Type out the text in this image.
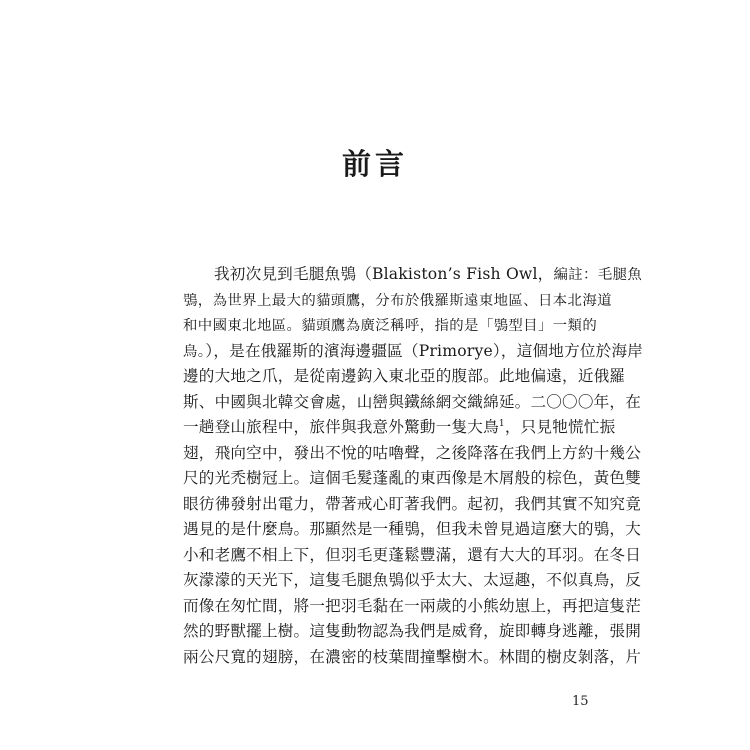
前言
我初次見到毛腿魚鴞（Blakiston’s Fish Owl，編註：毛腿魚
鴞，為世界上最大的貓頭鷹，分布於俄羅斯遠東地區、日本北海道
和中國東北地區。貓頭鷹為廣泛稱呼，指的是「鴞型目」一類的
鳥。），是在俄羅斯的濱海邊疆區（Primorye），這個地方位於海岸
邊的大地之爪，是從南邊鈎入東北亞的腹部。此地偏遠，近俄羅
斯、中國與北韓交會處，山巒與鐵絲網交織綿延。二〇〇〇年，在
一趟登山旅程中，旅伴與我意外驚動一隻大鳥$^1$，只見牠慌忙振
翅，飛向空中，發出不悅的咕嚕聲，之後降落在我們上方約十幾公
尺的光禿樹冠上。這個毛髮蓬亂的東西像是木屑般的棕色，黃色雙
眼彷彿發射出電力，帶著戒心盯著我們。起初，我們其實不知究竟
遇見的是什麼鳥。那顯然是一種鴞，但我未曾見過這麼大的鴞，大
小和老鷹不相上下，但羽毛更蓬鬆豐滿，還有大大的耳羽。在冬日
灰濛濛的天光下，這隻毛腿魚鴞似乎太大、太逗趣，不似真鳥，反
而像在匆忙間，將一把羽毛黏在一兩歲的小熊幼崽上，再把這隻茫
然的野獸擺上樹。這隻動物認為我們是威脅，旋即轉身逃離，張開
兩公尺寬的翅膀，在濃密的枝葉間撞擊樹木。林間的樹皮剝落，片
15
